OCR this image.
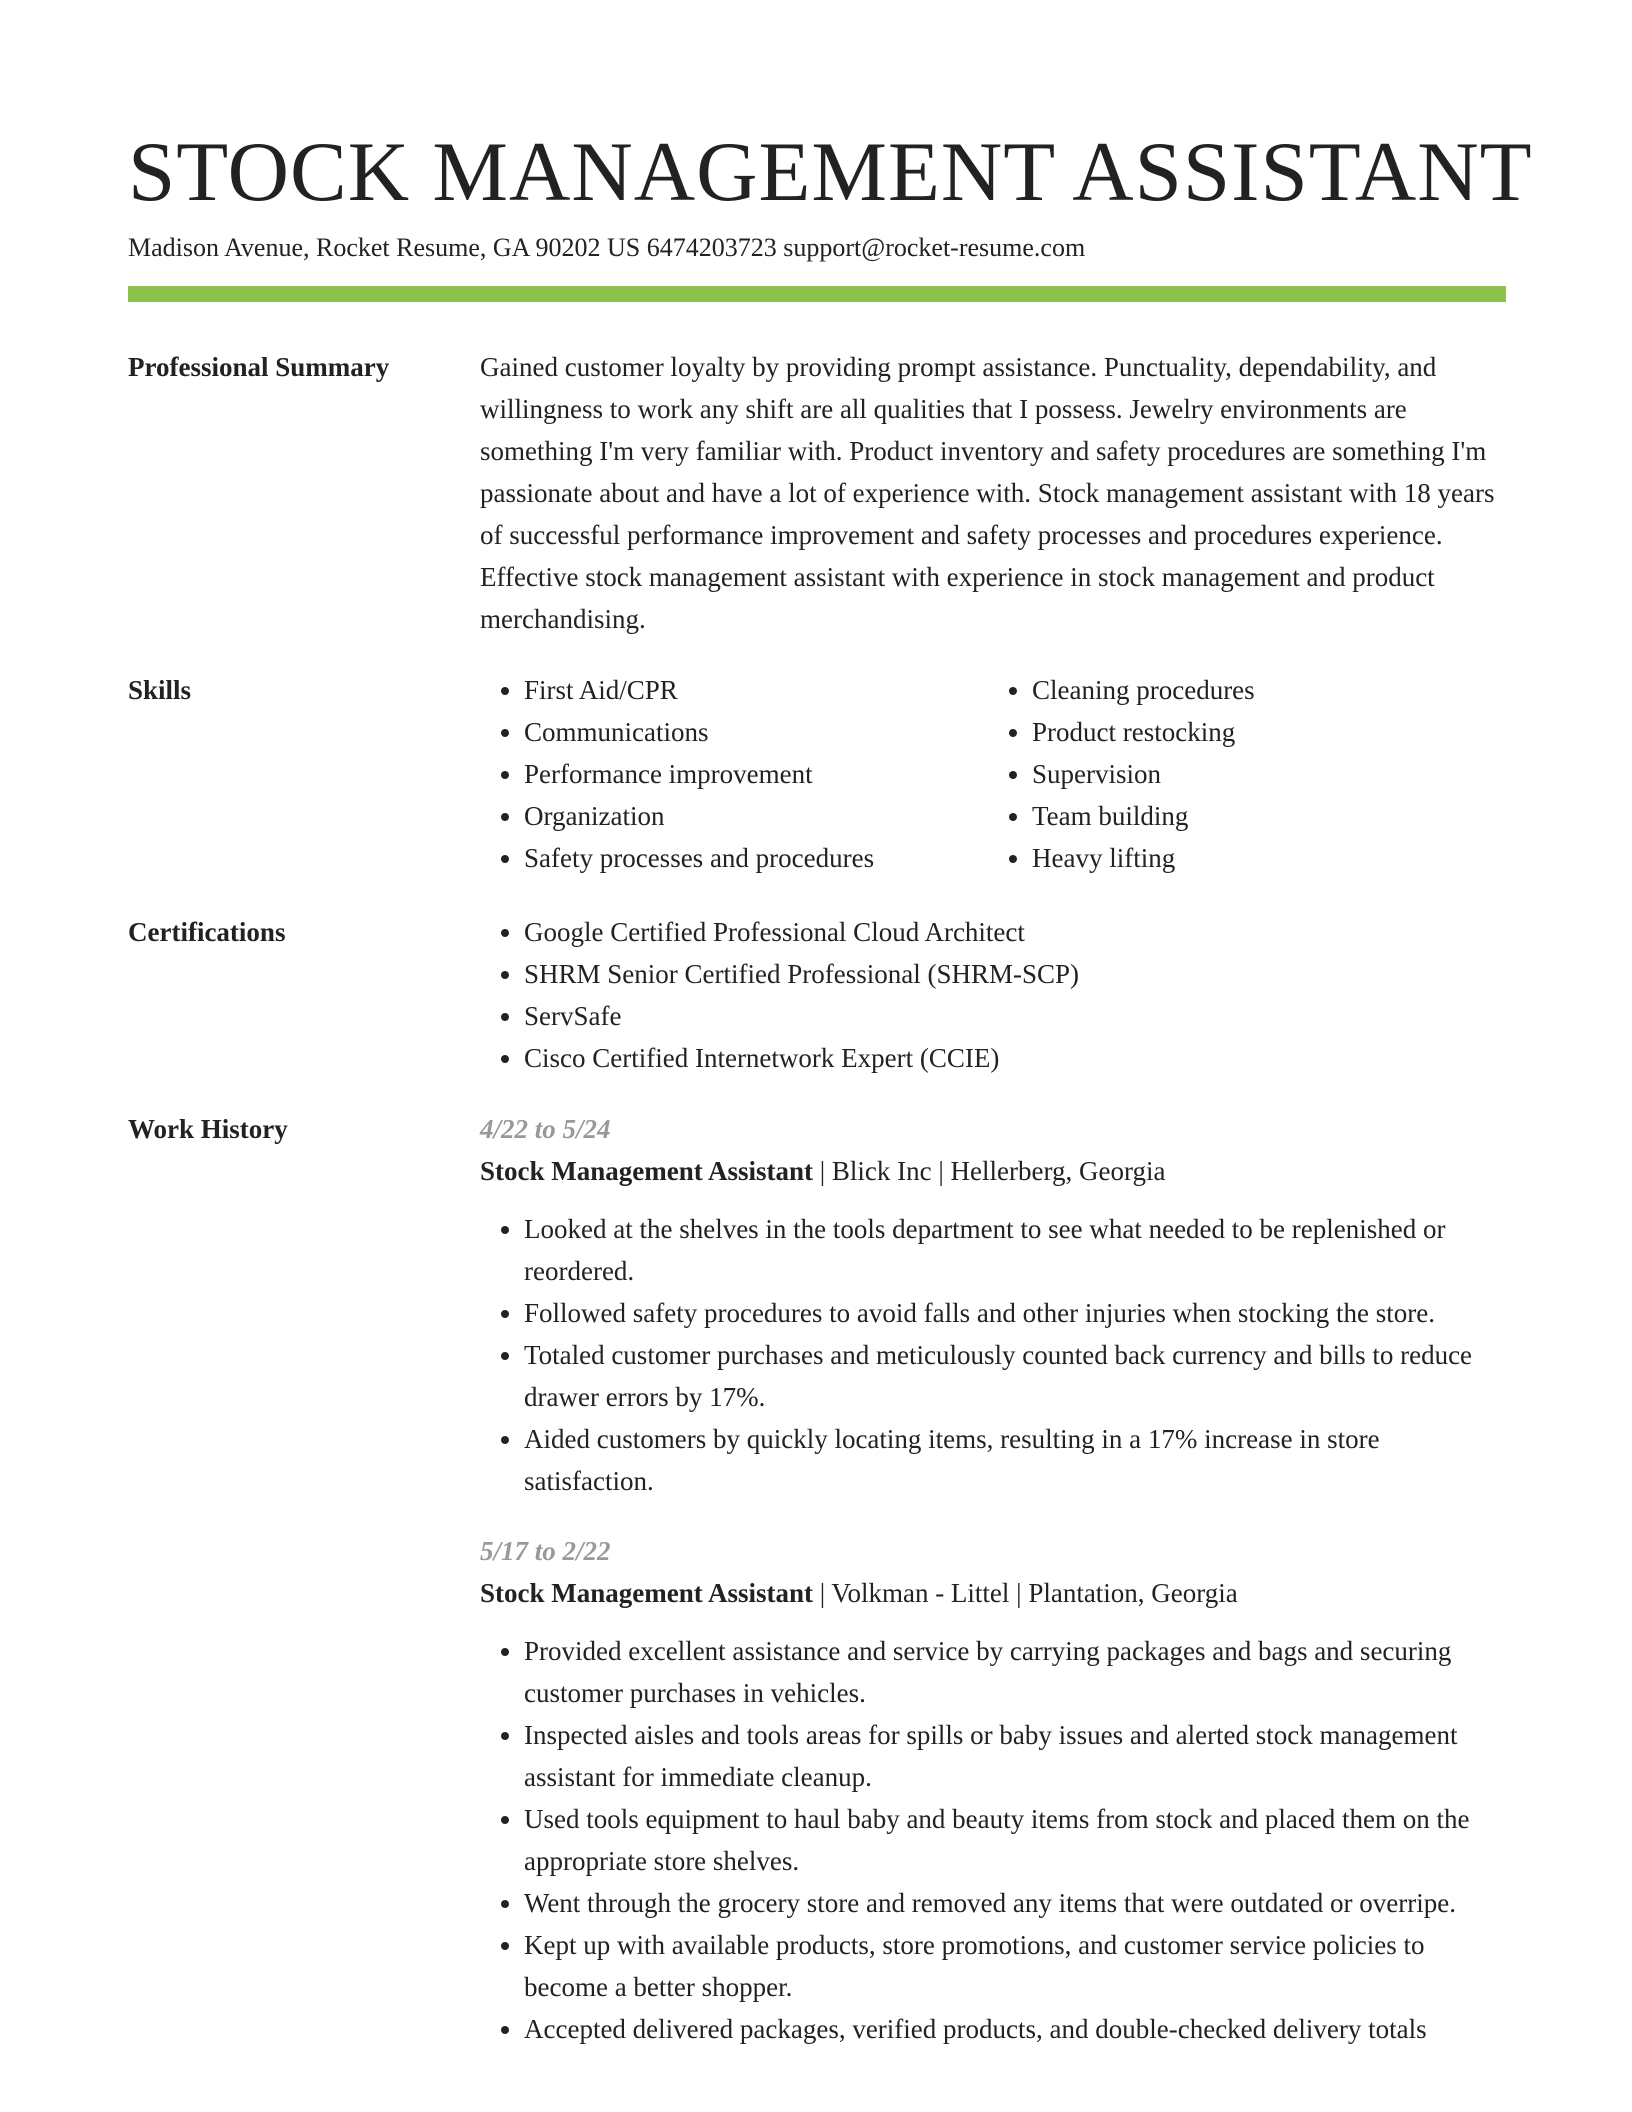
STOCK MANAGEMENT ASSISTANT
Madison Avenue, Rocket Resume, GA 90202 US 6474203723 support@rocket-resume.com
Professional Summary	Gained customer loyalty by providing prompt assistance. Punctuality, dependability, and willingness to work any shift are all qualities that I possess. Jewelry environments are something I'm very familiar with. Product inventory and safety procedures are something I'm passionate about and have a lot of experience with. Stock management assistant with 18 years of successful performance improvement and safety processes and procedures experience. Effective stock management assistant with experience in stock management and product merchandising.

Skills	• First Aid/CPR
• Communications
• Performance improvement
• Organization
• Safety processes and procedures
• Cleaning procedures
• Product restocking
• Supervision
• Team building
• Heavy lifting
Certifications	• Google Certified Professional Cloud Architect
• SHRM Senior Certified Professional (SHRM-SCP)
• ServSafe
• Cisco Certified Internetwork Expert (CCIE)
Work History	4/22 to 5/24
Stock Management Assistant | Blick Inc | Hellerberg, Georgia
• Looked at the shelves in the tools department to see what needed to be replenished or reordered.
• Followed safety procedures to avoid falls and other injuries when stocking the store.
• Totaled customer purchases and meticulously counted back currency and bills to reduce drawer errors by 17%.
• Aided customers by quickly locating items, resulting in a 17% increase in store satisfaction.
5/17 to 2/22
Stock Management Assistant | Volkman - Littel | Plantation, Georgia
• Provided excellent assistance and service by carrying packages and bags and securing customer purchases in vehicles.
• Inspected aisles and tools areas for spills or baby issues and alerted stock management assistant for immediate cleanup.
• Used tools equipment to haul baby and beauty items from stock and placed them on the appropriate store shelves.
• Went through the grocery store and removed any items that were outdated or overripe.
• Kept up with available products, store promotions, and customer service policies to become a better shopper.
• Accepted delivered packages, verified products, and double-checked delivery totals
